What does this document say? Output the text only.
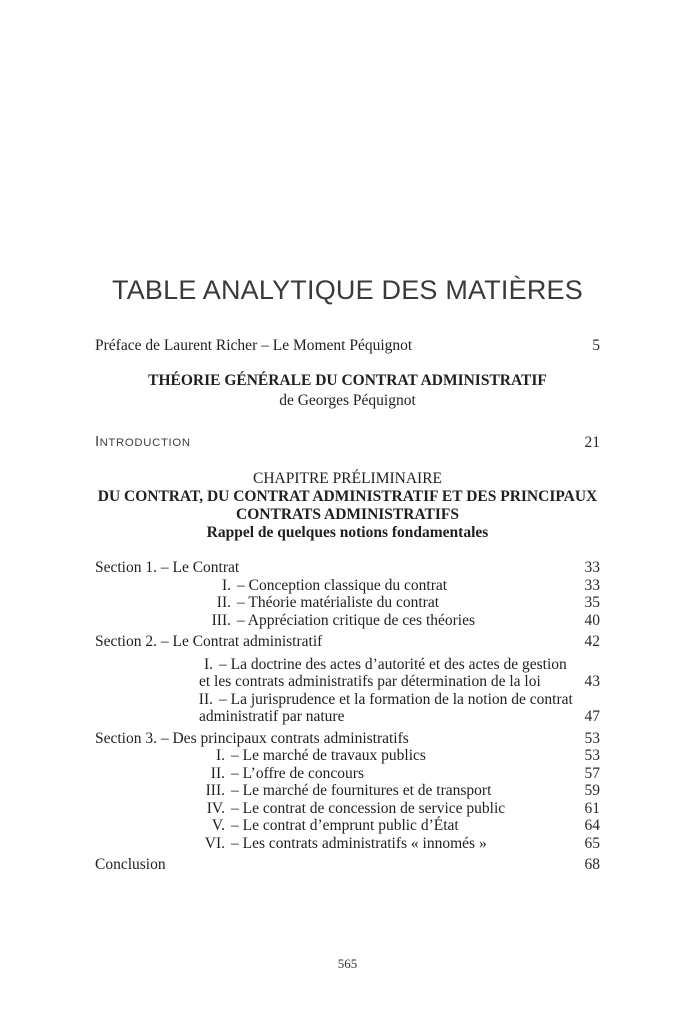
TABLE ANALYTIQUE DES MATIÈRES
Préface de Laurent Richer – Le Moment Péquignot	5
THÉORIE GÉNÉRALE DU CONTRAT ADMINISTRATIF
de Georges Péquignot
INTRODUCTION	21
CHAPITRE PRÉLIMINAIRE
DU CONTRAT, DU CONTRAT ADMINISTRATIF ET DES PRINCIPAUX
CONTRATS ADMINISTRATIFS
Rappel de quelques notions fondamentales
Section 1. – Le Contrat	33
I. – Conception classique du contrat	33
II. – Théorie matérialiste du contrat	35
III. – Appréciation critique de ces théories	40
Section 2. – Le Contrat administratif	42
I. – La doctrine des actes d’autorité et des actes de gestion
et les contrats administratifs par détermination de la loi	43
II. – La jurisprudence et la formation de la notion de contrat
administratif par nature	47
Section 3. – Des principaux contrats administratifs	53
I. – Le marché de travaux publics	53
II. – L’offre de concours	57
III. – Le marché de fournitures et de transport	59
IV. – Le contrat de concession de service public	61
V. – Le contrat d’emprunt public d’État	64
VI. – Les contrats administratifs « innomés »	65
Conclusion	68
565
